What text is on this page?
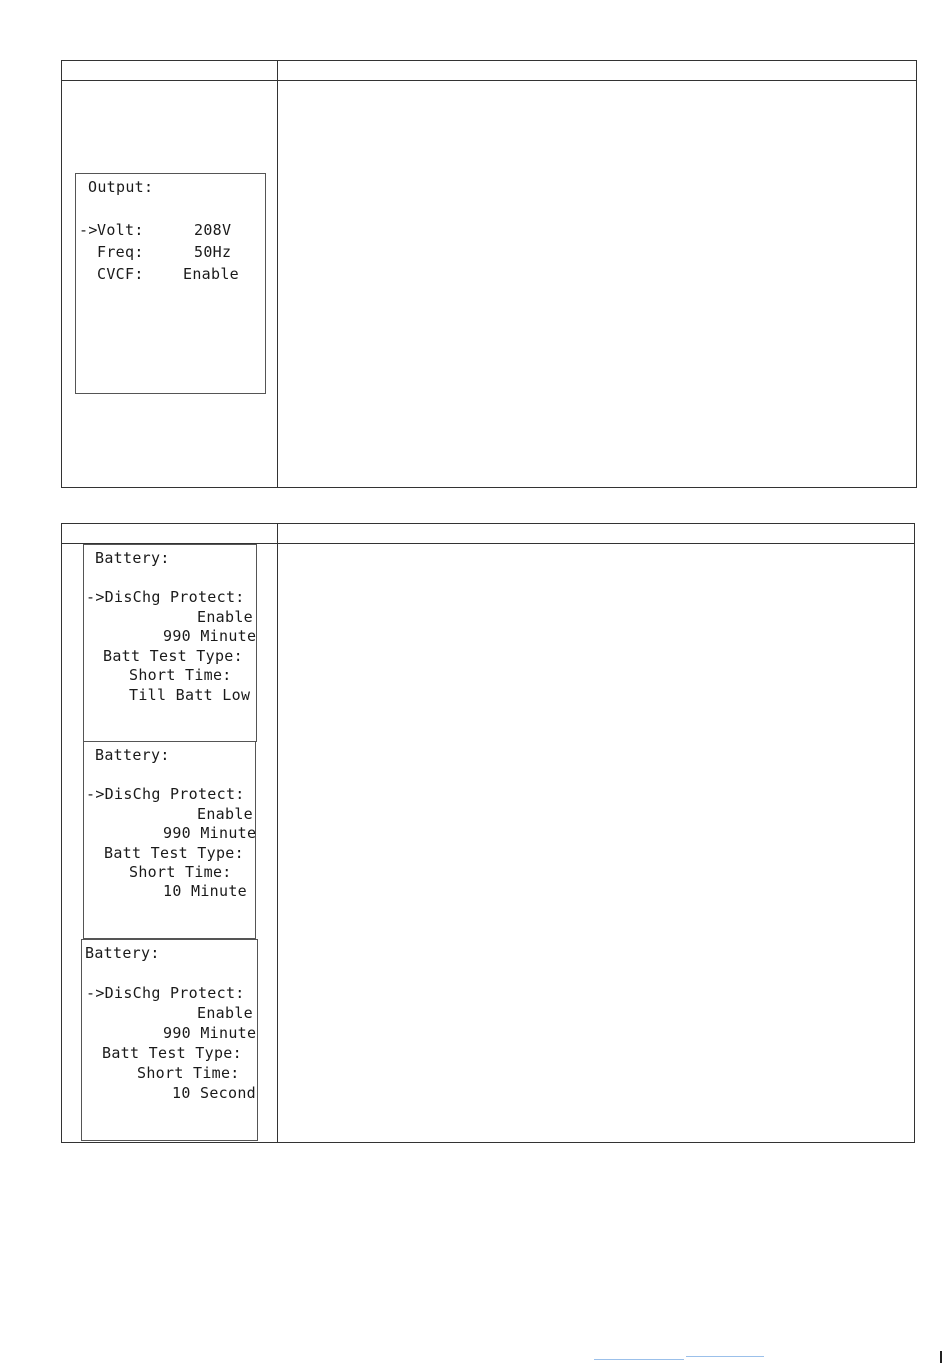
Output:
-> Volt:	208V
Freq:	50Hz
CVCF:	Enable
Battery:
->DisChg Protect:
Enable
990 Minute
Batt Test Type:
Short Time:
Till Batt Low
Battery:
->DisChg Protect:
Enable
990 Minute
Batt Test Type:
Short Time:
10 Minute
Battery:
->DisChg Protect:
Enable
990 Minute
Batt Test Type:
Short Time:
10 Second
